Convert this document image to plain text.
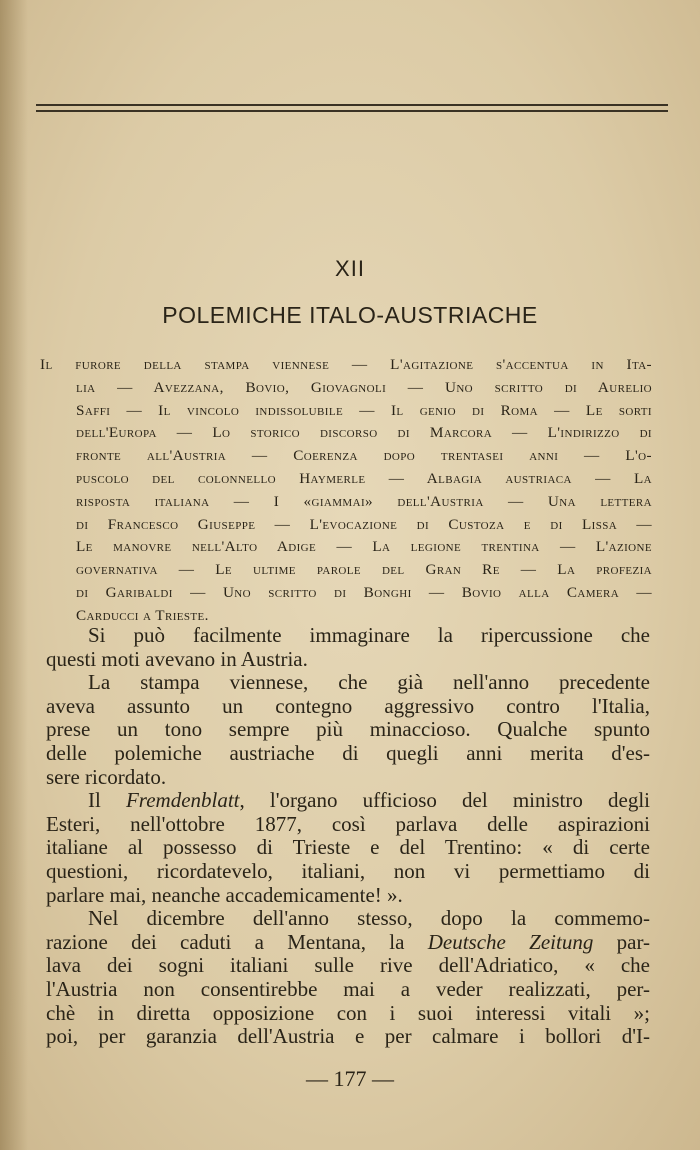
XII
POLEMICHE ITALO-AUSTRIACHE
Il furore della stampa viennese — L'agitazione s'accentua in Ita-
lia — Avezzana, Bovio, Giovagnoli — Uno scritto di Aurelio
Saffi — Il vincolo indissolubile — Il genio di Roma — Le sorti
dell'Europa — Lo storico discorso di Marcora — L'indirizzo di
fronte all'Austria — Coerenza dopo trentasei anni — L'o-
puscolo del colonnello Haymerle — Albagia austriaca — La
risposta italiana — I «giammai» dell'Austria — Una lettera
di Francesco Giuseppe — L'evocazione di Custoza e di Lissa —
Le manovre nell'Alto Adige — La legione trentina — L'azione
governativa — Le ultime parole del Gran Re — La profezia
di Garibaldi — Uno scritto di Bonghi — Bovio alla Camera —
Carducci a Trieste.
Si può facilmente immaginare la ripercussione che
questi moti avevano in Austria.
La stampa viennese, che già nell'anno precedente
aveva assunto un contegno aggressivo contro l'Italia,
prese un tono sempre più minaccioso. Qualche spunto
delle polemiche austriache di quegli anni merita d'es-
sere ricordato.
Il Fremdenblatt, l'organo ufficioso del ministro degli
Esteri, nell'ottobre 1877, così parlava delle aspirazioni
italiane al possesso di Trieste e del Trentino: « di certe
questioni, ricordatevelo, italiani, non vi permettiamo di
parlare mai, neanche accademicamente! ».
Nel dicembre dell'anno stesso, dopo la commemo-
razione dei caduti a Mentana, la Deutsche Zeitung par-
lava dei sogni italiani sulle rive dell'Adriatico, « che
l'Austria non consentirebbe mai a veder realizzati, per-
chè in diretta opposizione con i suoi interessi vitali »;
poi, per garanzia dell'Austria e per calmare i bollori d'I-
— 177 —
